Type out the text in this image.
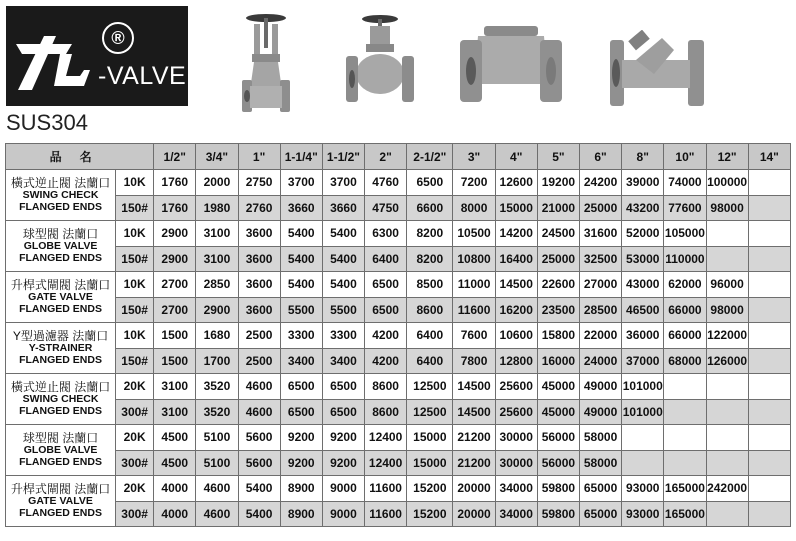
®
-VALVE
SUS304
品名		1/2"	3/4"	1"	1-1/4"	1-1/2"	2"	2-1/2"	3"	4"	5"	6"	8"	10"	12"	14"

橫式逆止閥 法蘭口
SWING CHECK FLANGED ENDS	10K	1760	2000	2750	3700	3700	4760	6500	7200	12600	19200	24200	39000	74000	100000	
	150#	1760	1980	2760	3660	3660	4750	6600	8000	15000	21000	25000	43200	77600	98000	

球型閥 法蘭口
GLOBE VALVE FLANGED ENDS	10K	2900	3100	3600	5400	5400	6300	8200	10500	14200	24500	31600	52000	105000		
	150#	2900	3100	3600	5400	5400	6400	8200	10800	16400	25000	32500	53000	110000		

升桿式閘閥 法蘭口
GATE VALVE FLANGED ENDS	10K	2700	2850	3600	5400	5400	6500	8500	11000	14500	22600	27000	43000	62000	96000	
	150#	2700	2900	3600	5500	5500	6500	8600	11600	16200	23500	28500	46500	66000	98000	

Y型過濾器 法蘭口
Y-STRAINER FLANGED ENDS	10K	1500	1680	2500	3300	3300	4200	6400	7600	10600	15800	22000	36000	66000	122000	
	150#	1500	1700	2500	3400	3400	4200	6400	7800	12800	16000	24000	37000	68000	126000	

橫式逆止閥 法蘭口
SWING CHECK FLANGED ENDS	20K	3100	3520	4600	6500	6500	8600	12500	14500	25600	45000	49000	101000			
	300#	3100	3520	4600	6500	6500	8600	12500	14500	25600	45000	49000	101000			

球型閥 法蘭口
GLOBE VALVE FLANGED ENDS	20K	4500	5100	5600	9200	9200	12400	15000	21200	30000	56000	58000				
	300#	4500	5100	5600	9200	9200	12400	15000	21200	30000	56000	58000				

升桿式閘閥 法蘭口
GATE VALVE FLANGED ENDS	20K	4000	4600	5400	8900	9000	11600	15200	20000	34000	59800	65000	93000	165000	242000	
	300#	4000	4600	5400	8900	9000	11600	15200	20000	34000	59800	65000	93000	165000		
